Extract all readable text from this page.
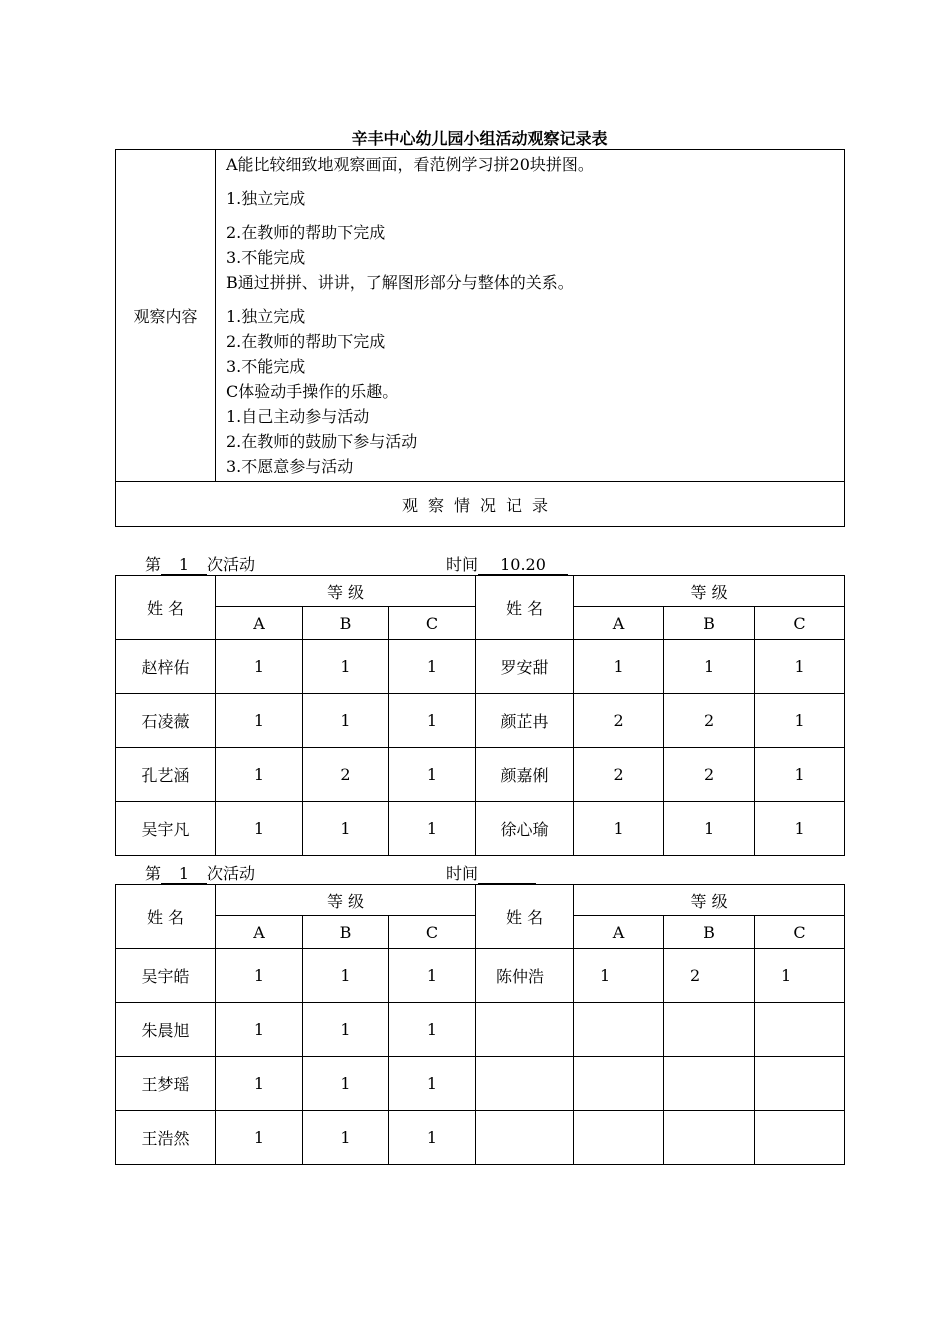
辛丰中心幼儿园小组活动观察记录表
观察内容	
A能比较细致地观察画面，看范例学习拼20块拼图。
1.独立完成
2.在教师的帮助下完成
3.不能完成
B通过拼拼、讲讲，了解图形部分与整体的关系。
1.独立完成
2.在教师的帮助下完成
3.不能完成
C体验动手操作的乐趣。
1.自己主动参与活动
2.在教师的鼓励下参与活动
3.不愿意参与活动

观察情况记录
第 1 次活动	时间 10.20
姓 名	等 级			姓 名	等 级		
	A	B	C		A	B	C
赵梓佑	1	1	1	罗安甜	1	1	1
石凌薇	1	1	1	颜芷冉	2	2	1
孔艺涵	1	2	1	颜嘉俐	2	2	1
吴宇凡	1	1	1	徐心瑜	1	1	1
第 1 次活动	时间
姓 名	等 级			姓 名	等 级		
	A	B	C		A	B	C
吴宇皓	1	1	1	陈仲浩	1	2	1
朱晨旭	1	1	1				
王梦瑶	1	1	1				
王浩然	1	1	1				
